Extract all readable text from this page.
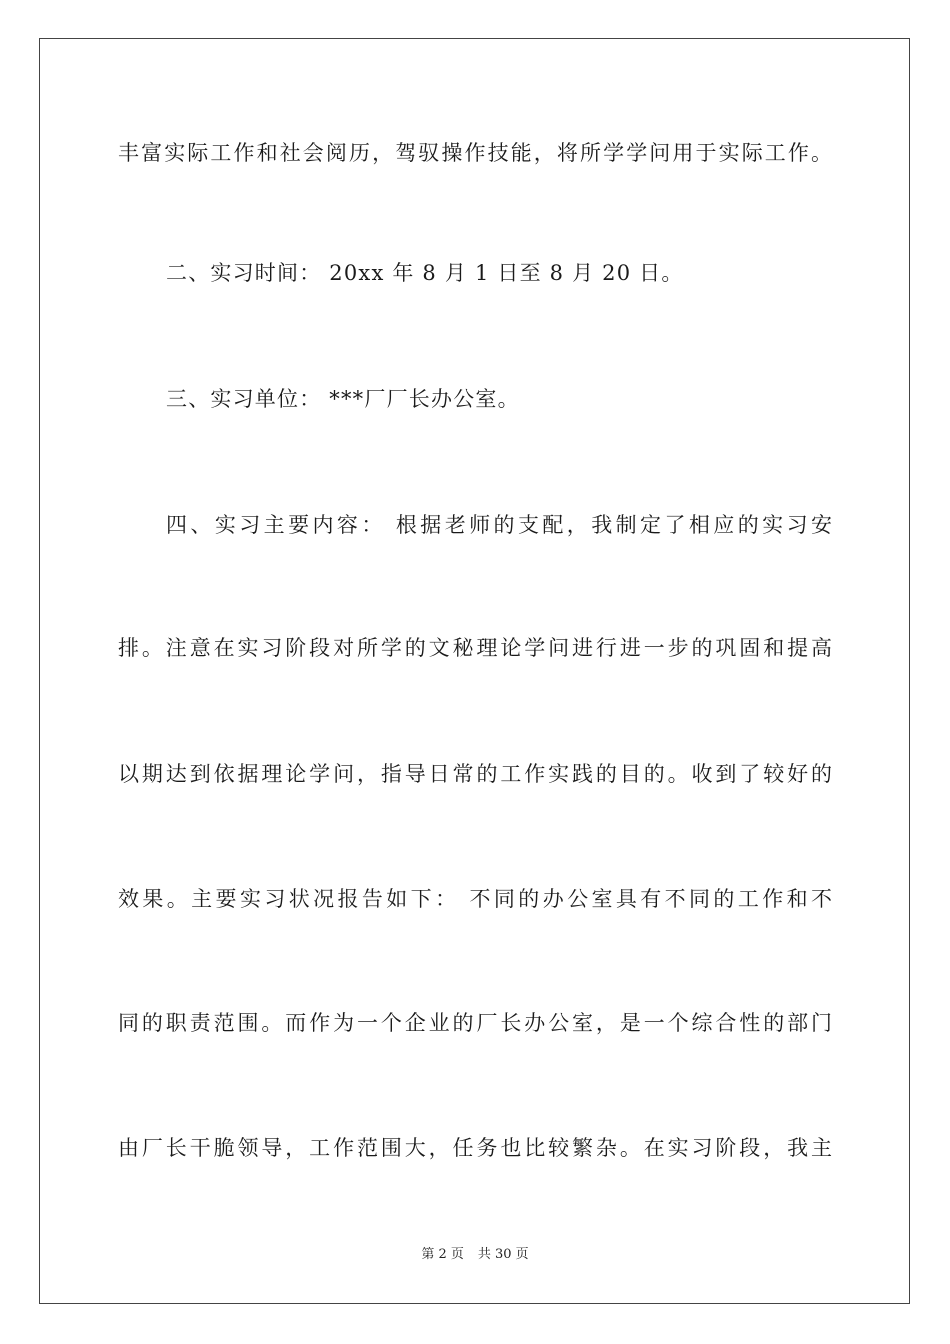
丰富实际工作和社会阅历，驾驭操作技能，将所学学问用于实际工作。
二、实习时间： 20xx 年 8 月 1 日至 8 月 20 日。
三、实习单位： ***厂厂长办公室。
四、实习主要内容： 根据老师的支配，我制定了相应的实习安
排。注意在实习阶段对所学的文秘理论学问进行进一步的巩固和提高
以期达到依据理论学问，指导日常的工作实践的目的。收到了较好的
效果。主要实习状况报告如下： 不同的办公室具有不同的工作和不
同的职责范围。而作为一个企业的厂长办公室，是一个综合性的部门
由厂长干脆领导，工作范围大，任务也比较繁杂。在实习阶段，我主
第 2 页 共 30 页
